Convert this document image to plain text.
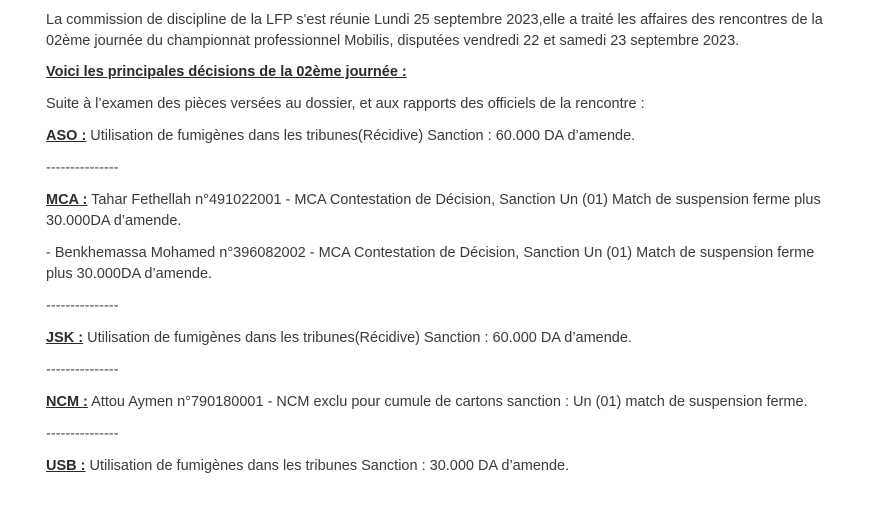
La commission de discipline de la LFP s'est réunie Lundi 25 septembre 2023,elle a traité les affaires des rencontres de la 02ème journée du championnat professionnel Mobilis, disputées vendredi 22 et samedi 23 septembre 2023.

Voici les principales décisions de la 02ème journée :

Suite à l’examen des pièces versées au dossier, et aux rapports des officiels de la rencontre :

ASO : Utilisation de fumigènes dans les tribunes(Récidive) Sanction : 60.000 DA d’amende.

---------------

MCA : Tahar Fethellah n°491022001 - MCA Contestation de Décision, Sanction Un (01) Match de suspension ferme plus 30.000DA d’amende.

- Benkhemassa Mohamed n°396082002 - MCA Contestation de Décision, Sanction Un (01) Match de suspension ferme plus 30.000DA d’amende.

---------------

JSK : Utilisation de fumigènes dans les tribunes(Récidive) Sanction : 60.000 DA d’amende.

---------------

NCM : Attou Aymen n°790180001 - NCM exclu pour cumule de cartons sanction : Un (01) match de suspension ferme.

---------------

USB : Utilisation de fumigènes dans les tribunes Sanction : 30.000 DA d’amende.
